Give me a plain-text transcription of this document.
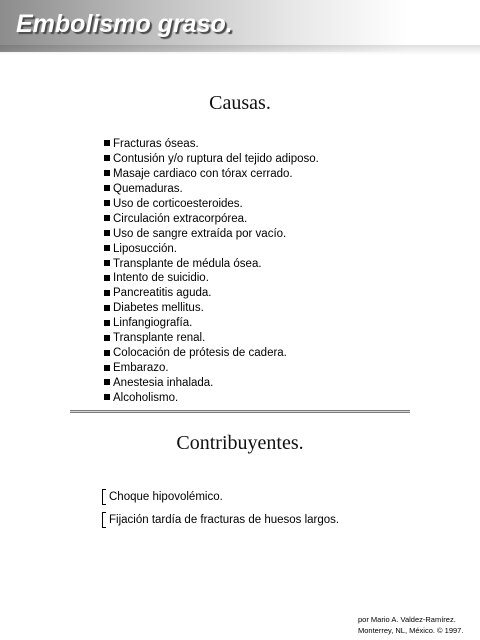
Embolismo graso.
Causas.
Fracturas óseas.
Contusión y/o ruptura del tejido adiposo.
Masaje cardiaco con tórax cerrado.
Quemaduras.
Uso de corticoesteroides.
Circulación extracorpórea.
Uso de sangre extraída por vacío.
Liposucción.
Transplante de médula ósea.
Intento de suicidio.
Pancreatitis aguda.
Diabetes mellitus.
Linfangiografía.
Transplante renal.
Colocación de prótesis de cadera.
Embarazo.
Anestesia inhalada.
Alcoholismo.
Contribuyentes.
Choque hipovolémico.
Fijación tardía de fracturas de huesos largos.
por Mario A. Valdez-Ramírez.
Monterrey, NL, México. © 1997.
